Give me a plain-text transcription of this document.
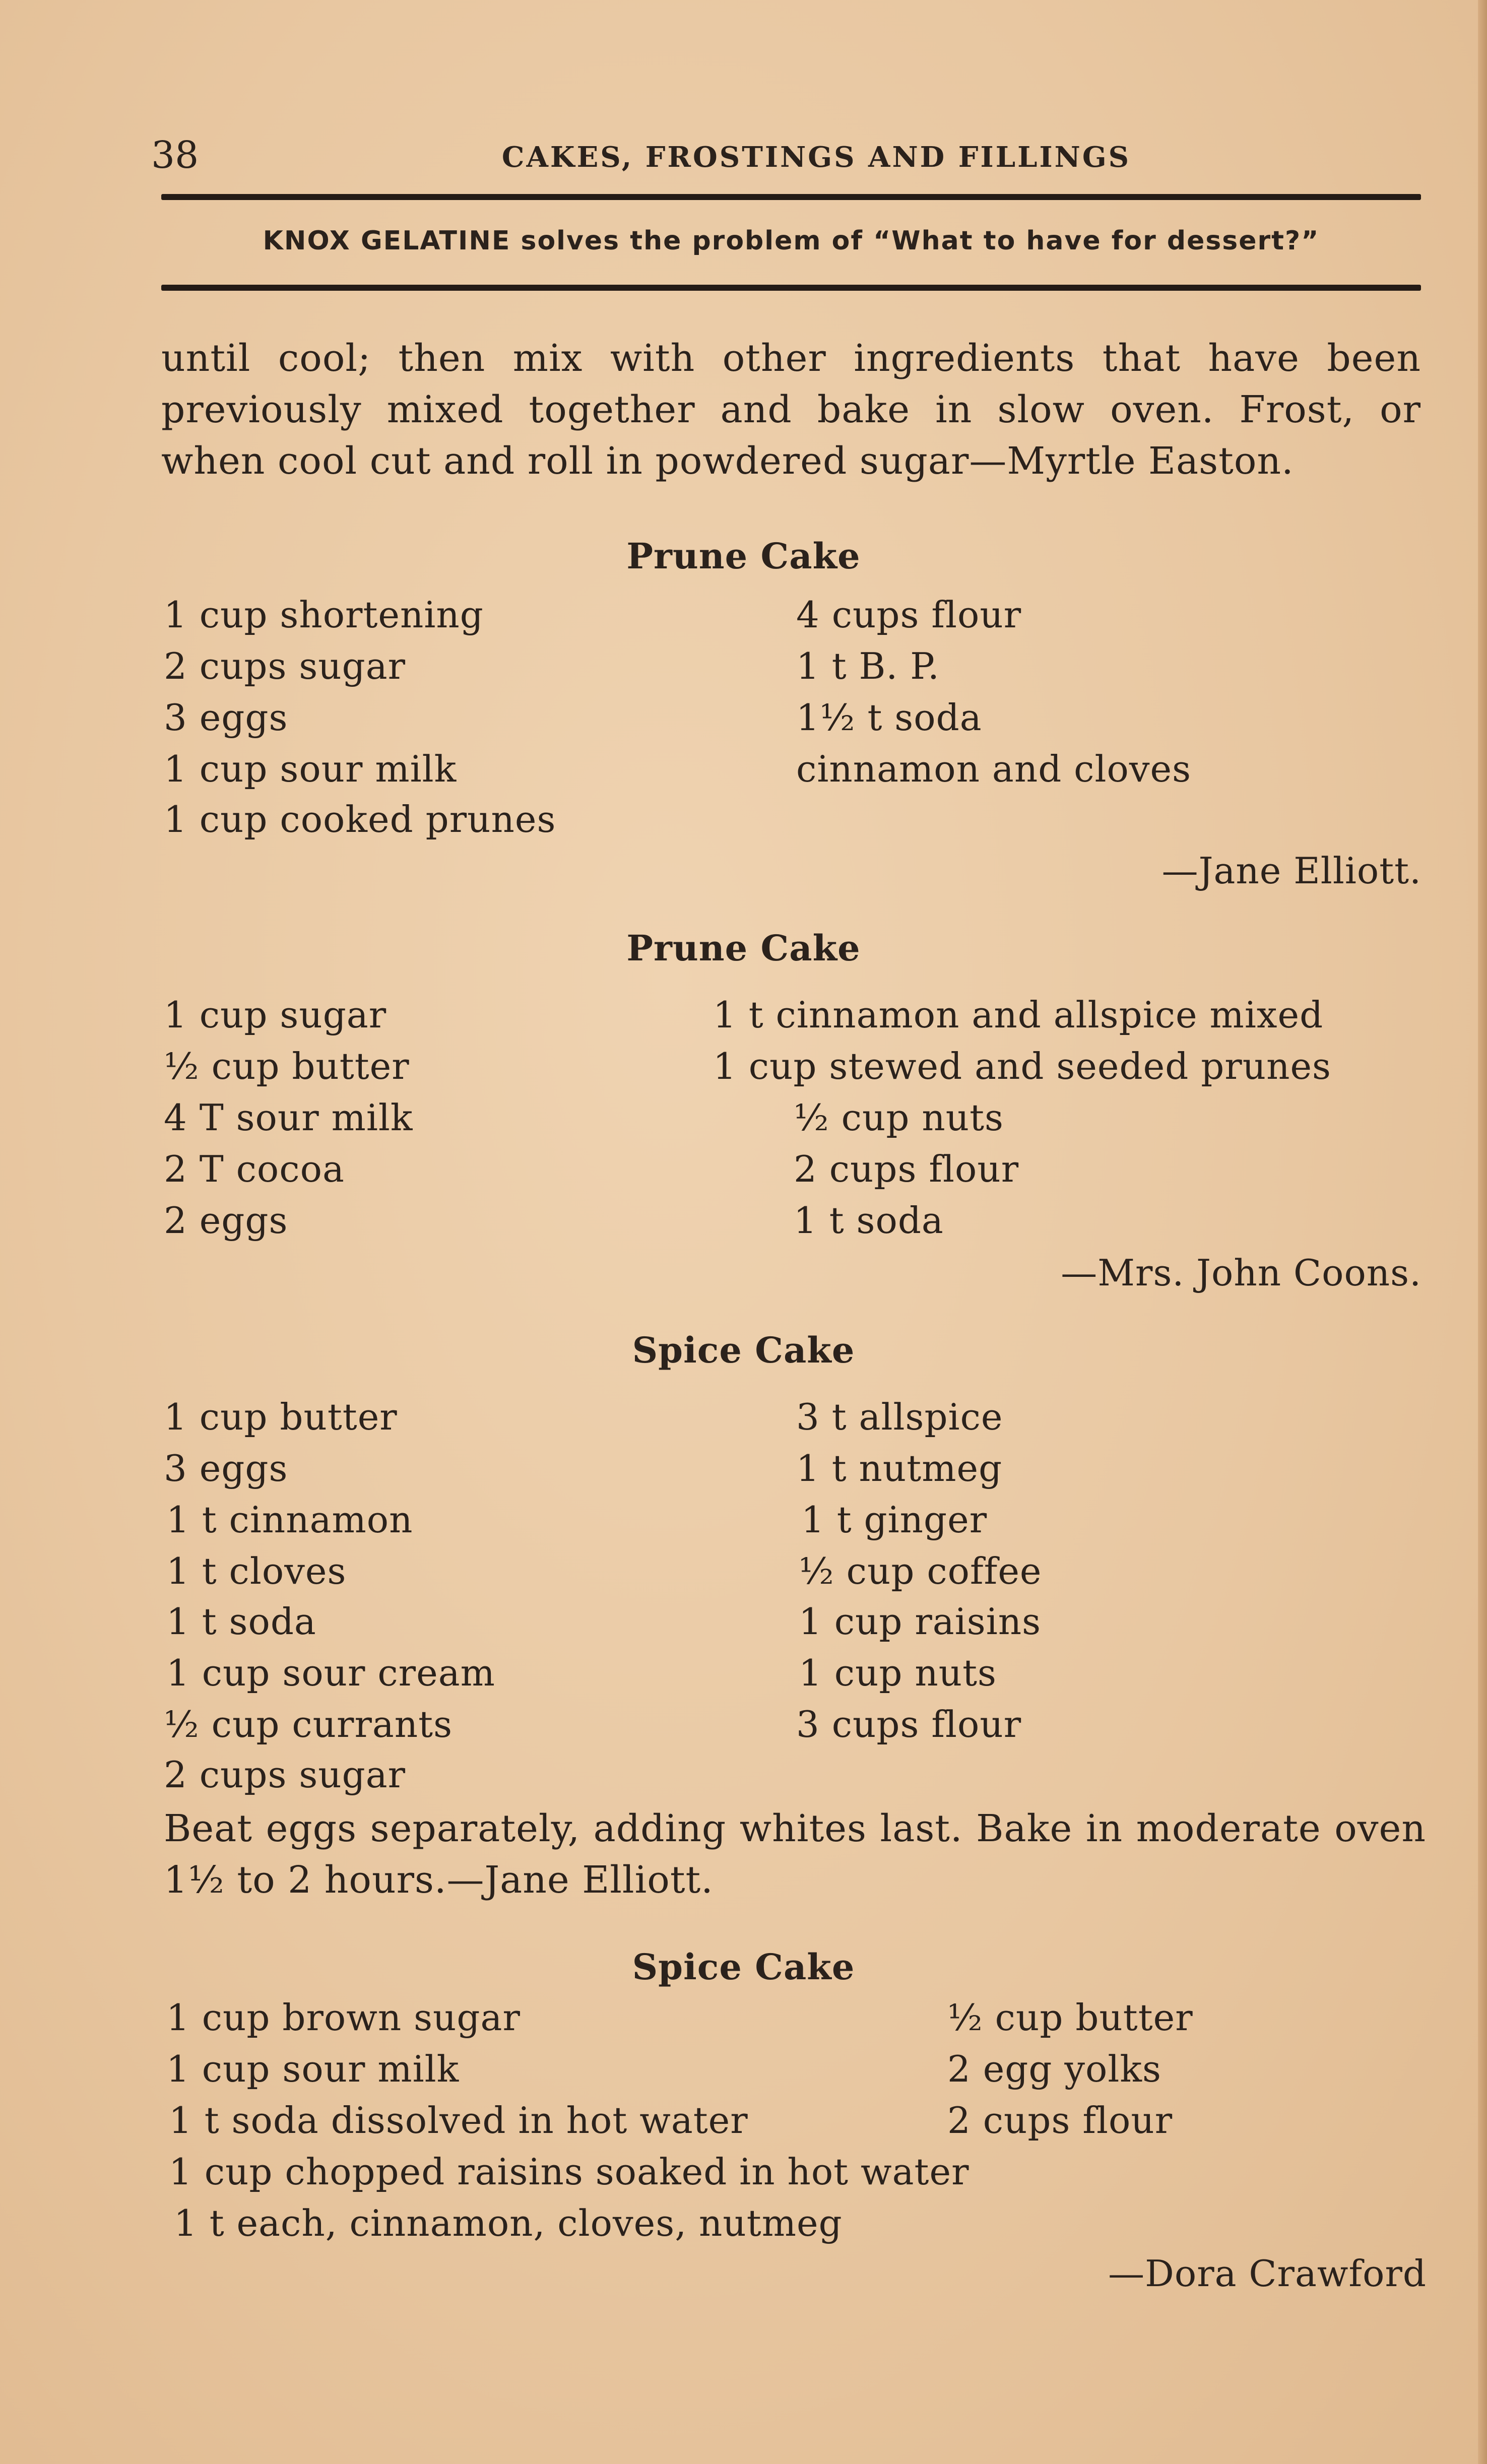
38	CAKES, FROSTINGS AND FILLINGS
KNOX GELATINE solves the problem of “What to have for dessert?”
until cool; then mix with other ingredients that have been previously mixed together and bake in slow oven. Frost, or when cool cut and roll in powdered sugar—Myrtle Easton.
Prune Cake
1 cup shortening
2 cups sugar
3 eggs
1 cup sour milk
1 cup cooked prunes
4 cups flour
1 t B. P.
1½ t soda
cinnamon and cloves
—Jane Elliott.
Prune Cake
1 cup sugar
½ cup butter
4 T sour milk
2 T cocoa
2 eggs
1 t cinnamon and allspice mixed
1 cup stewed and seeded prunes
½ cup nuts
2 cups flour
1 t soda
—Mrs. John Coons.
Spice Cake
1 cup butter
3 eggs
1 t cinnamon
1 t cloves
1 t soda
1 cup sour cream
½ cup currants
2 cups sugar
3 t allspice
1 t nutmeg
1 t ginger
½ cup coffee
1 cup raisins
1 cup nuts
3 cups flour
Beat eggs separately, adding whites last. Bake in moderate oven 1½ to 2 hours.—Jane Elliott.
Spice Cake
1 cup brown sugar
1 cup sour milk
1 t soda dissolved in hot water
1 cup chopped raisins soaked in hot water
1 t each, cinnamon, cloves, nutmeg
½ cup butter
2 egg yolks
2 cups flour
—Dora Crawford
